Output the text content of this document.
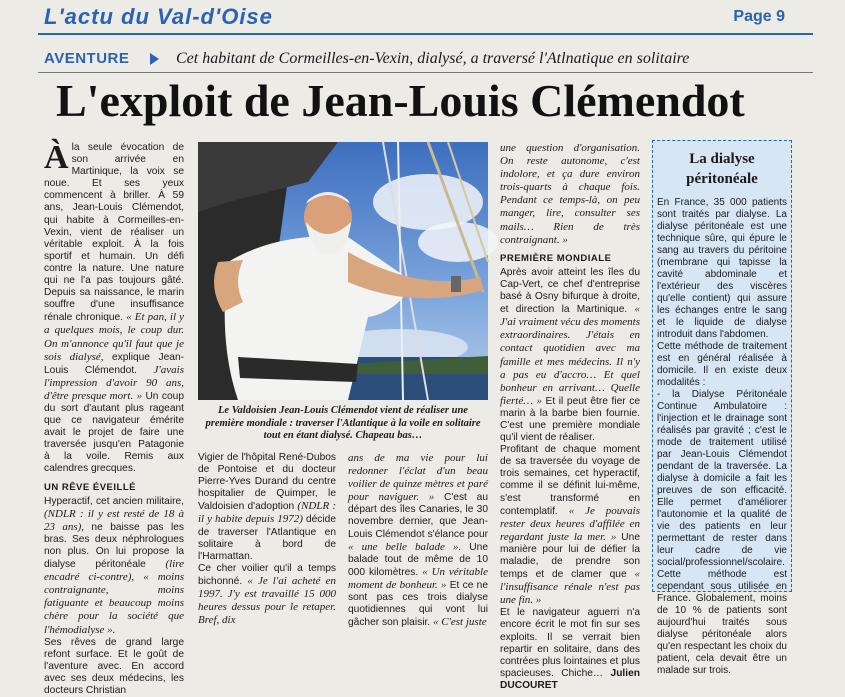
L'actu du Val-d'Oise	Page 9
AVENTURE	Cet habitant de Cormeilles-en-Vexin, dialysé, a traversé l'Atlnatique en solitaire
L'exploit de Jean-Louis Clémendot
À la seule évocation de son arrivée en Martinique, la voix se noue. Et ses yeux commencent à briller. À 59 ans, Jean-Louis Clémendot, qui habite à Cormeilles-en-Vexin, vient de réaliser un véritable exploit. À la fois sportif et humain. Un défi contre la nature. Une nature qui ne l'a pas toujours gâté. Depuis sa naissance, le marin souffre d'une insuffisance rénale chronique. « Et pan, il y a quelques mois, le coup dur. On m'annonce qu'il faut que je sois dialysé, explique Jean-Louis Clémendot. J'avais l'impression d'avoir 90 ans, d'être presque mort. » Un coup du sort d'autant plus rageant que ce navigateur émérite avait le projet de faire une traversée jusqu'en Patagonie à la voile. Remis aux calendres grecques.

UN RÊVE ÉVEILLÉ

Hyperactif, cet ancien militaire, (NDLR : il y est resté de 18 à 23 ans), ne baisse pas les bras. Ses deux néphrologues non plus. On lui propose la dialyse péritonéale (lire encadré ci-contre), « moins contraignante, moins fatiguante et beaucoup moins chère pour la société que l'hémodialyse ».

Ses rêves de grand large refont surface. Et le goût de l'aventure avec. En accord avec ses deux médecins, les docteurs Christian

Le Valdoisien Jean-Louis Clémendot vient de réaliser une première mondiale : traverser l'Atlantique à la voile en solitaire tout en étant dialysé. Chapeau bas…

Vigier de l'hôpital René-Dubos de Pontoise et du docteur Pierre-Yves Durand du centre hospitalier de Quimper, le Valdoisien d'adoption (NDLR : il y habite depuis 1972) décide de traverser l'Atlantique en solitaire à bord de l'Harmattan.

Ce cher voilier qu'il a temps bichonné. « Je l'ai acheté en 1997. J'y est travaillé 15 000 heures dessus pour le retaper. Bref, dix

ans de ma vie pour lui redonner l'éclat d'un beau voilier de quinze mètres et paré pour naviguer. » C'est au départ des îles Canaries, le 30 novembre dernier, que Jean-Louis Clémendot s'élance pour « une belle balade ». Une balade tout de même de 10 000 kilomètres. « Un véritable moment de bonheur. » Et ce ne sont pas ces trois dialyse quotidiennes qui vont lui gâcher son plaisir. « C'est juste

une question d'organisation. On reste autonome, c'est indolore, et ça dure environ trois-quarts à chaque fois. Pendant ce temps-là, on peu manger, lire, consulter ses mails… Rien de très contraignant. »

PREMIÈRE MONDIALE

Après avoir atteint les îles du Cap-Vert, ce chef d'entreprise basé à Osny bifurque à droite, et direction la Martinique. « J'ai vraiment vécu des moments extraordinaires. J'étais en contact quotidien avec ma famille et mes médecins. Il n'y a pas eu d'accro… Et quel bonheur en arrivant… Quelle fierté… » Et il peut être fier ce marin à la barbe bien fournie. C'est une première mondiale qu'il vient de réaliser.

Profitant de chaque moment de sa traversée du voyage de trois semaines, cet hyperactif, comme il se définit lui-même, s'est transformé en contemplatif. « Je pouvais rester deux heures d'affilée en regardant juste la mer. » Une manière pour lui de défier la maladie, de prendre son temps et de clamer que « l'insuffisance rénale n'est pas une fin. »

Et le navigateur aguerri n'a encore écrit le mot fin sur ses exploits. Il se verrait bien repartir en solitaire, dans des contrées plus lointaines et plus spacieuses. Chiche… Julien DUCOURET

La dialyse péritonéale

En France, 35 000 patients sont traités par dialyse. La dialyse péritonéale est une technique sûre, qui épure le sang au travers du péritoine (membrane qui tapisse la cavité abdominale et l'extérieur des viscères qu'elle contient) qui assure les échanges entre le sang et le liquide de dialyse introduit dans l'abdomen.

Cette méthode de traitement est en général réalisée à domicile. Il en existe deux modalités :

- la Dialyse Péritonéale Continue Ambulatoire : l'injection et le drainage sont réalisés par gravité ; c'est le mode de traitement utilisé par Jean-Louis Clémendot pendant de la traversée. La dialyse à domicile a fait les preuves de son efficacité. Elle permet d'améliorer l'autonomie et la qualité de vie des patients en leur permettant de rester dans leur cadre de vie social/professionnel/scolaire. Cette méthode est cependant sous utilisée en France. Globalement, moins de 10 % de patients sont aujourd'hui traités sous dialyse péritonéale alors qu'en respectant les choix du patient, cela devait être un malade sur trois.
